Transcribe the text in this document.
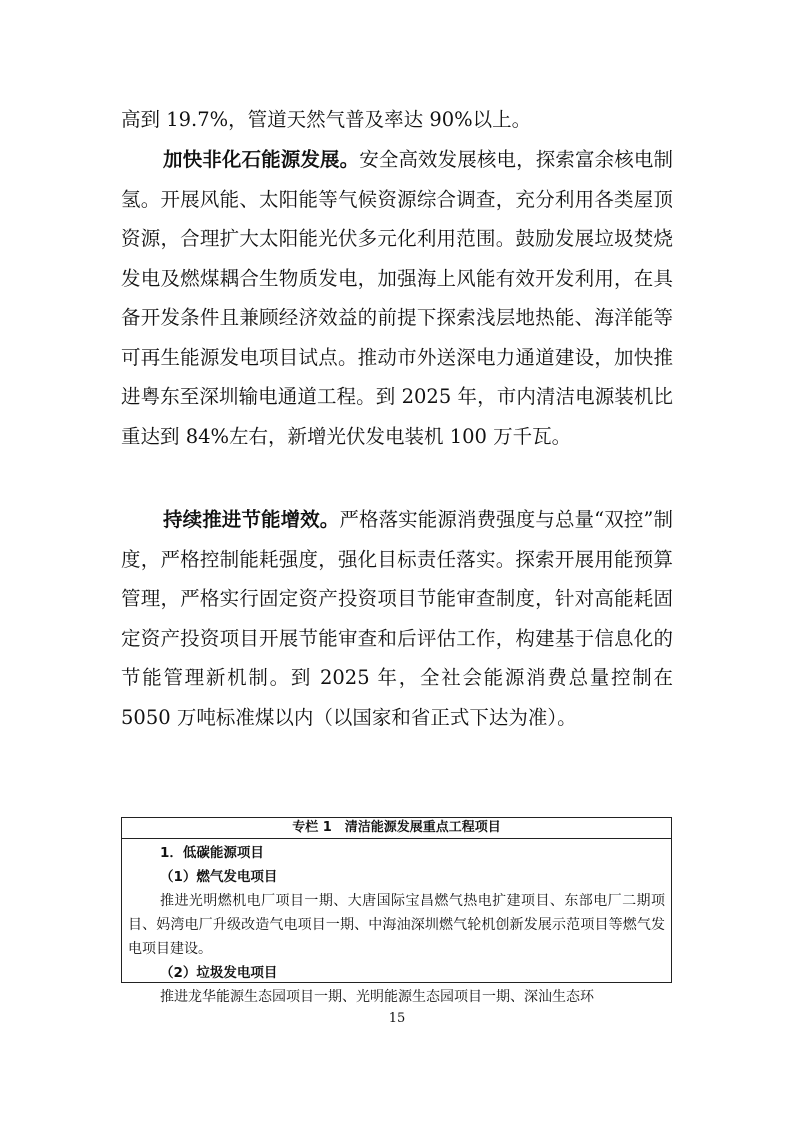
高到 19.7%，管道天然气普及率达 90%以上。

加快非化石能源发展。安全高效发展核电，探索富余核电制氢。开展风能、太阳能等气候资源综合调查，充分利用各类屋顶资源，合理扩大太阳能光伏多元化利用范围。鼓励发展垃圾焚烧发电及燃煤耦合生物质发电，加强海上风能有效开发利用，在具备开发条件且兼顾经济效益的前提下探索浅层地热能、海洋能等可再生能源发电项目试点。推动市外送深电力通道建设，加快推进粤东至深圳输电通道工程。到 2025 年，市内清洁电源装机比重达到 84%左右，新增光伏发电装机 100 万千瓦。

持续推进节能增效。严格落实能源消费强度与总量“双控”制度，严格控制能耗强度，强化目标责任落实。探索开展用能预算管理，严格实行固定资产投资项目节能审查制度，针对高能耗固定资产投资项目开展节能审查和后评估工作，构建基于信息化的节能管理新机制。到 2025 年，全社会能源消费总量控制在 5050 万吨标准煤以内（以国家和省正式下达为准）。

专栏 1　清洁能源发展重点工程项目
1．低碳能源项目
（1）燃气发电项目

推进光明燃机电厂项目一期、大唐国际宝昌燃气热电扩建项目、东部电厂二期项目、妈湾电厂升级改造气电项目一期、中海油深圳燃气轮机创新发展示范项目等燃气发电项目建设。

（2）垃圾发电项目

推进龙华能源生态园项目一期、光明能源生态园项目一期、深汕生态环

15
